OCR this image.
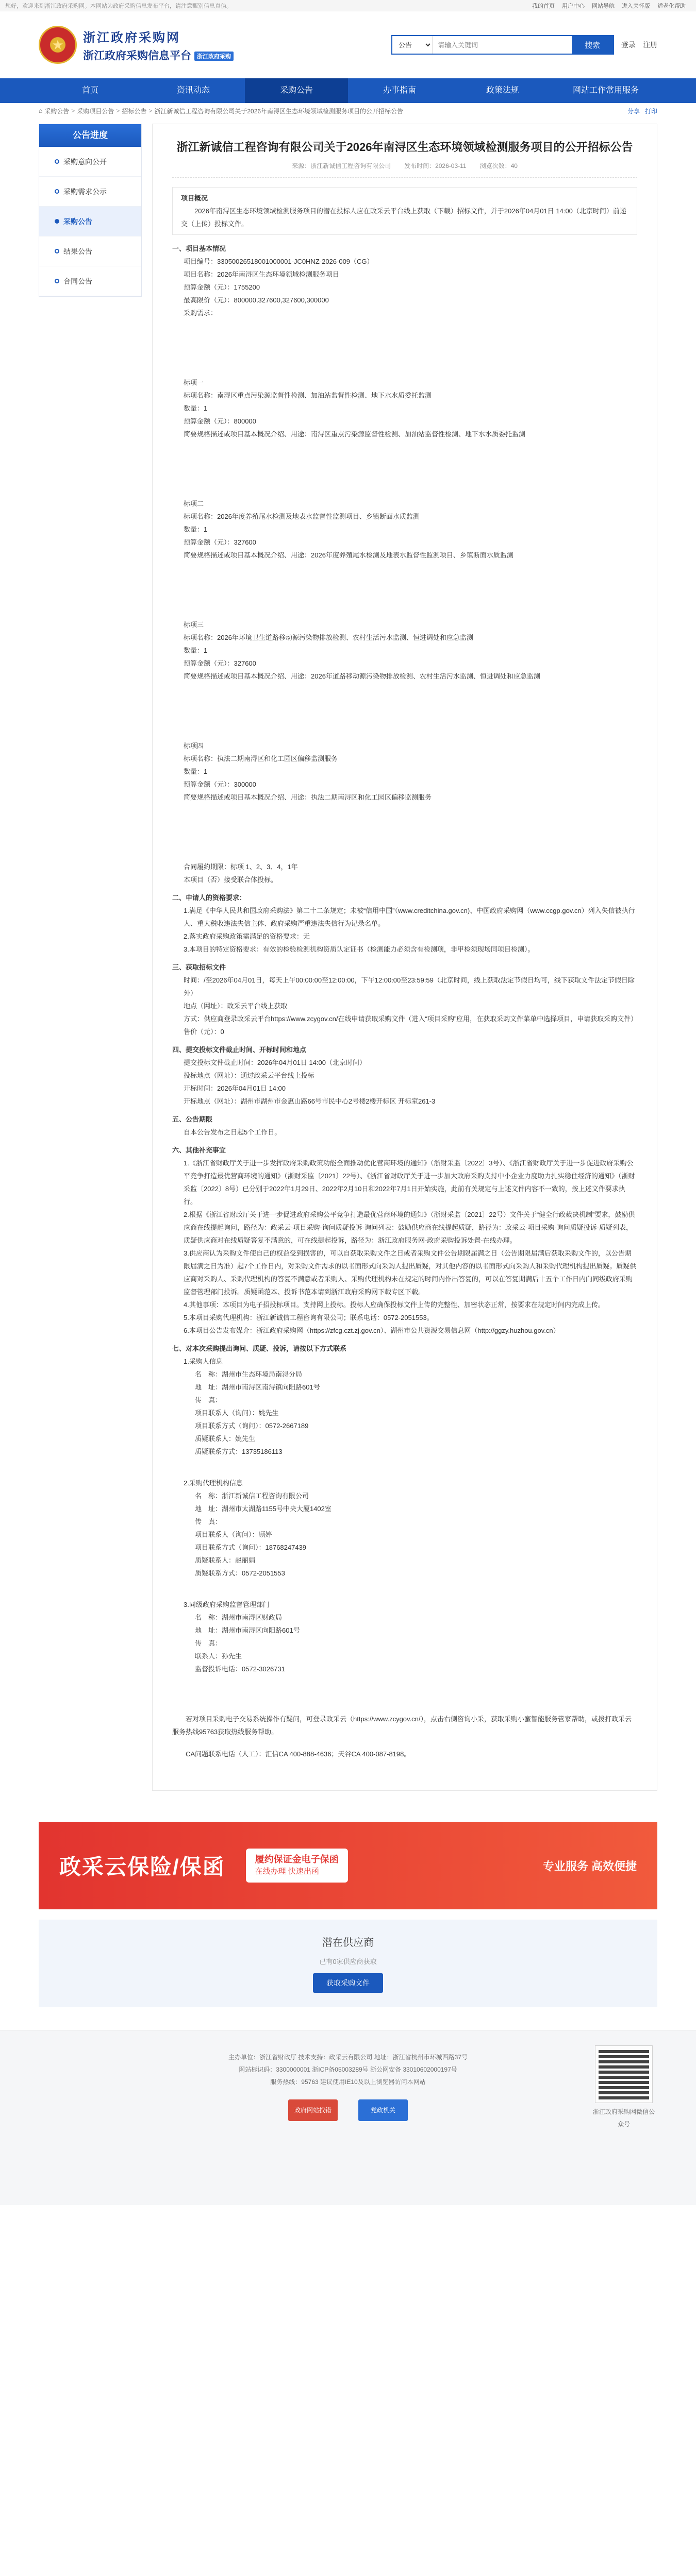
您好，欢迎来到浙江政府采购网。本网站为政府采购信息发布平台，请注意甄别信息真伪。	我的首页 用户中心 网站导航 进入关怀版 适老化帮助
★	浙江政府采购网
浙江政府采购信息平台 浙江政府采购
公告
请输入关键词
搜索	登录 注册
首页	资讯动态	采购公告	办事指南	政策法规	网站工作常用服务
⌂ 采购公告 > 采购项目公告 > 招标公告 > 浙江新诚信工程咨询有限公司关于2026年南浔区生态环境领域检测服务项目的公开招标公告	分享 打印
公告进度
采购意向公开
采购需求公示
采购公告
结果公告
合同公告
浙江新诚信工程咨询有限公司关于2026年南浔区生态环境领域检测服务项目的公开招标公告
来源：浙江新诚信工程咨询有限公司 发布时间：2026-03-11 浏览次数：40

项目概况

2026年南浔区生态环境领域检测服务项目的潜在投标人应在政采云平台线上获取（下载）招标文件，并于2026年04月01日 14:00（北京时间）前递交（上传）投标文件。

一、项目基本情况

项目编号：33050026518001000001-JC0HNZ-2026-009（CG）

项目名称：2026年南浔区生态环境领域检测服务项目

预算金额（元）：1755200

最高限价（元）：800000,327600,327600,300000

采购需求：

标项一

标项名称：南浔区重点污染源监督性检测、加油站监督性检测、地下水水质委托监测

数量：1

预算金额（元）：800000

简要规格描述或项目基本概况介绍、用途：南浔区重点污染源监督性检测、加油站监督性检测、地下水水质委托监测

标项二

标项名称：2026年度养殖尾水检测及地表水监督性监测项目、乡镇断面水质监测

数量：1

预算金额（元）：327600

简要规格描述或项目基本概况介绍、用途：2026年度养殖尾水检测及地表水监督性监测项目、乡镇断面水质监测

标项三

标项名称：2026年环境卫生道路移动源污染物排放检测、农村生活污水监测、恒进调处和应急监测

数量：1

预算金额（元）：327600

简要规格描述或项目基本概况介绍、用途：2026年道路移动源污染物排放检测、农村生活污水监测、恒进调处和应急监测

标项四

标项名称：执法二期南浔区和化工园区偏移监测服务

数量：1

预算金额（元）：300000

简要规格描述或项目基本概况介绍、用途：执法二期南浔区和化工园区偏移监测服务

合同履约期限：标项 1、2、3、4，1年

本项目（否）接受联合体投标。

二、申请人的资格要求：

1.满足《中华人民共和国政府采购法》第二十二条规定；未被“信用中国”（www.creditchina.gov.cn)、中国政府采购网（www.ccgp.gov.cn）列入失信被执行人、重大税收违法失信主体、政府采购严重违法失信行为记录名单。

2.落实政府采购政策需满足的资格要求：无

3.本项目的特定资格要求：有效的检验检测机构资质认定证书（检测能力必须含有检测项，非甲检须现场同项目检测）。

三、获取招标文件

时间：/至2026年04月01日，每天上午00:00:00至12:00:00，下午12:00:00至23:59:59（北京时间，线上获取法定节假日均可，线下获取文件法定节假日除外）

地点（网址）：政采云平台线上获取

方式：供应商登录政采云平台https://www.zcygov.cn/在线申请获取采购文件（进入“项目采购”应用，在获取采购文件菜单中选择项目，申请获取采购文件）

售价（元）：0

四、提交投标文件截止时间、开标时间和地点

提交投标文件截止时间：2026年04月01日 14:00（北京时间）

投标地点（网址）：通过政采云平台线上投标

开标时间：2026年04月01日 14:00

开标地点（网址）：湖州市湖州市金惠山路66号市民中心2号楼2楼开标区 开标室261-3

五、公告期限

自本公告发布之日起5个工作日。

六、其他补充事宜

1.《浙江省财政厅关于进一步发挥政府采购政策功能全面推动优化营商环境的通知》（浙财采监〔2022〕3号）、《浙江省财政厅关于进一步促进政府采购公平竞争打造最优营商环境的通知》（浙财采监〔2021〕22号）、《浙江省财政厅关于进一步加大政府采购支持中小企业力度助力扎实稳住经济的通知》（浙财采监〔2022〕8号）已分别于2022年1月29日、2022年2月10日和2022年7月1日开始实施，此前有关规定与上述文件内容不一致的，按上述文件要求执行。

2.根据《浙江省财政厅关于进一步促进政府采购公平竞争打造最优营商环境的通知》（浙财采监〔2021〕22号）文件关于“健全行政裁决机制”要求，鼓励供应商在线提起询问，路径为：政采云-项目采购-询问质疑投诉-询问列表：鼓励供应商在线提起质疑，路径为：政采云-项目采购-询问质疑投诉-质疑列表，质疑供应商对在线质疑答复不满意的，可在线提起投诉，路径为：浙江政府服务网-政府采购投诉处置-在线办理。

3.供应商认为采购文件使自己的权益受到损害的，可以自获取采购文件之日或者采购文件公告期限届满之日（公告期限届满后获取采购文件的，以公告期限届满之日为准）起7个工作日内，对采购文件需求的以书面形式向采购人提出质疑，对其他内容的以书面形式向采购人和采购代理机构提出质疑。质疑供应商对采购人、采购代理机构的答复不满意或者采购人、采购代理机构未在规定的时间内作出答复的，可以在答复期满后十五个工作日内向同级政府采购监督管理部门投诉。质疑函范本、投诉书范本请到浙江政府采购网下载专区下载。

4.其他事项：本项目为电子招投标项目。支持网上投标。投标人应确保投标文件上传的完整性、加密状态正常，按要求在规定时间内完成上传。

5.本项目采购代理机构：浙江新诚信工程咨询有限公司；联系电话：0572-2051553。

6.本项目公告发布媒介：浙江政府采购网（https://zfcg.czt.zj.gov.cn）、湖州市公共资源交易信息网（http://ggzy.huzhou.gov.cn）

七、对本次采购提出询问、质疑、投诉，请按以下方式联系

1.采购人信息

名　称：湖州市生态环境局南浔分局

地　址：湖州市南浔区南浔镇向阳路601号

传　真：

项目联系人（询问）：姚先生

项目联系方式（询问）：0572-2667189

质疑联系人：姚先生

质疑联系方式：13735186113

2.采购代理机构信息

名　称：浙江新诚信工程咨询有限公司

地　址：湖州市太湖路1155号中央大厦1402室

传　真：

项目联系人（询问）：顾婷

项目联系方式（询问）：18768247439

质疑联系人：赵丽娟

质疑联系方式：0572-2051553

3.同级政府采购监督管理部门

名　称：湖州市南浔区财政局

地　址：湖州市南浔区向阳路601号

传　真：

联系人：孙先生

监督投诉电话：0572-3026731

若对项目采购电子交易系统操作有疑问，可登录政采云（https://www.zcygov.cn/），点击右侧咨询小采，获取采购小蜜智能服务管家帮助，或拨打政采云服务热线95763获取热线服务帮助。

CA问题联系电话（人工）：汇信CA 400-888-4636；天谷CA 400-087-8198。

政采云保险/保函	履约保证金电子保函
在线办理 快速出函	专业服务 高效便捷
潜在供应商
已有0家供应商获取
获取采购文件

主办单位：浙江省财政厅 技术支持：政采云有限公司 地址：浙江省杭州市环城西路37号

网站标识码：3300000001 浙ICP备05003289号 浙公网安备 33010602000197号

服务热线：95763 建议使用IE10及以上浏览器访问本网站

政府网站找错	党政机关	浙江政府采购网微信公众号
